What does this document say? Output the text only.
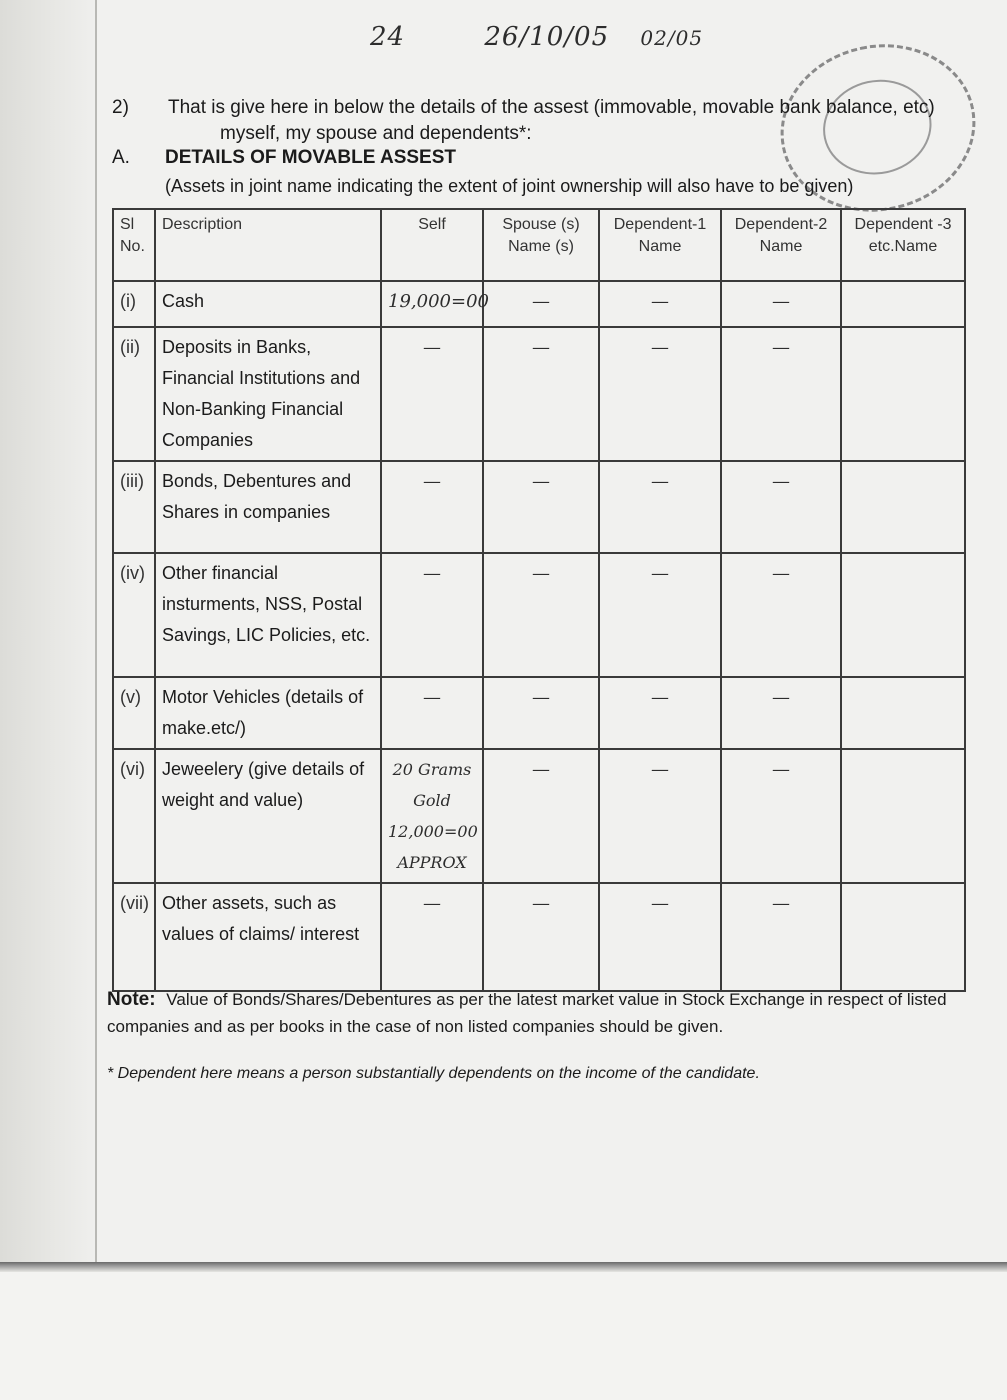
24	26/10/05 02/05
2) That is give here in below the details of the assest (immovable, movable bank balance, etc)
myself, my spouse and dependents*:
A. DETAILS OF MOVABLE ASSEST
(Assets in joint name indicating the extent of joint ownership will also have to be given)
Sl No.	Description	Self	Spouse (s) Name (s)	Dependent-1 Name	Dependent-2 Name	Dependent -3 etc.Name
(i)	Cash	19,000=00	—	—	—	
(ii)	Deposits in Banks, Financial Institutions and Non-Banking Financial Companies	—	—	—	—	
(iii)	Bonds, Debentures and Shares in companies	—	—	—	—	
(iv)	Other financial insturments, NSS, Postal Savings, LIC Policies, etc.	—	—	—	—	
(v)	Motor Vehicles (details of make.etc/)	—	—	—	—	
(vi)	Jeweelery (give details of weight and value)	20 Grams
Gold
12,000=00
APPROX	—	—	—	
(vii)	Other assets, such as values of claims/ interest	—	—	—	—	
Note: Value of Bonds/Shares/Debentures as per the latest market value in Stock Exchange in respect of listed companies and as per books in the case of non listed companies should be given.
* Dependent here means a person substantially dependents on the income of the candidate.
